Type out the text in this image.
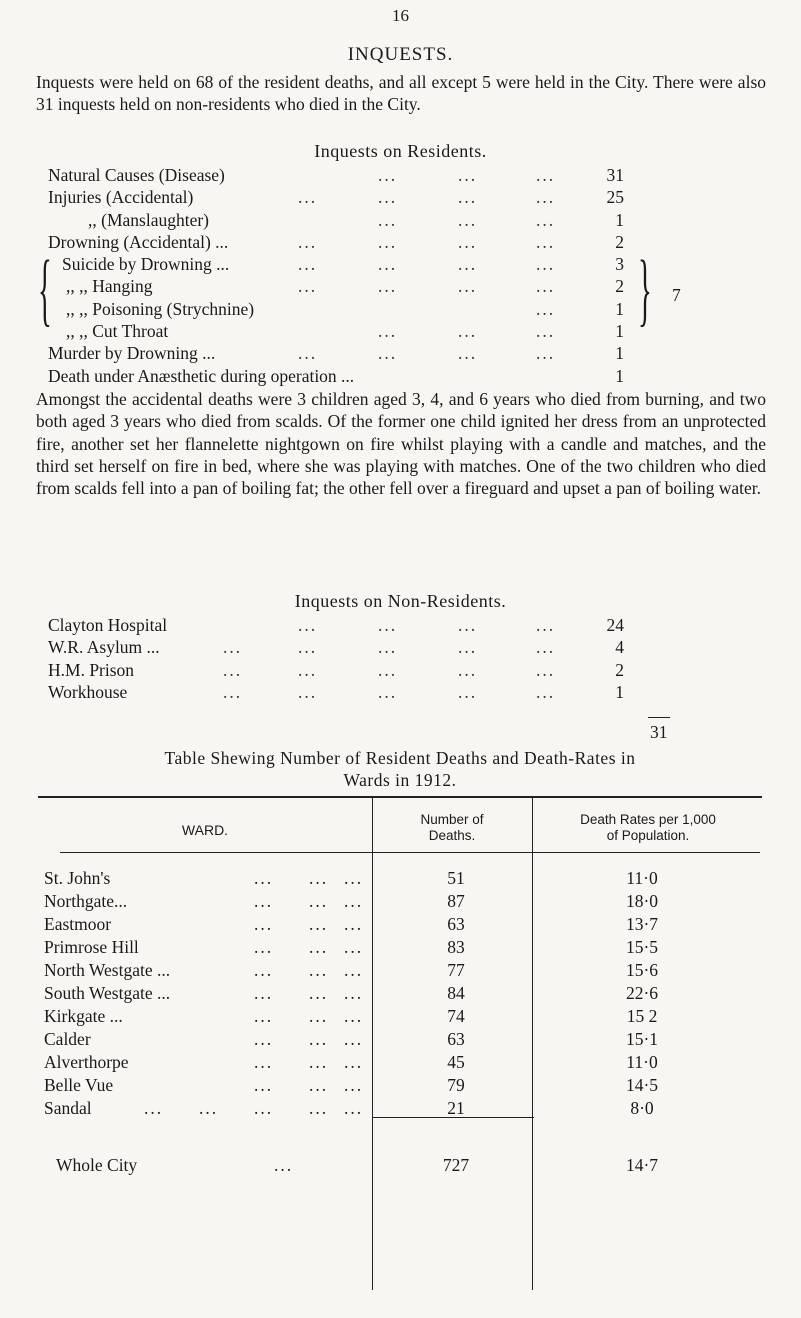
16
INQUESTS.

Inquests were held on 68 of the resident deaths, and all except 5 were held in the City. There were also 31 inquests held on non-residents who died in the City.

Inquests on Residents.
Natural Causes (Disease)	...	...	...	31
Injuries (Accidental)	...	...	...	...	25
,, (Manslaughter)	...	...	...	1
Drowning (Accidental) ...	...	...	...	...	2
Suicide by Drowning ...	...	...	...	...	3
,, ,, Hanging	...	...	...	...	2
,, ,, Poisoning (Strychnine)	...	1
,, ,, Cut Throat	...	...	...	1
Murder by Drowning ...	...	...	...	...	1
Death under Anæsthetic during operation ...	1
{	} 7

Amongst the accidental deaths were 3 children aged 3, 4, and 6 years who died from burning, and two both aged 3 years who died from scalds. Of the former one child ignited her dress from an unprotected fire, another set her flannelette nightgown on fire whilst playing with a candle and matches, and the third set herself on fire in bed, where she was playing with matches. One of the two children who died from scalds fell into a pan of boiling fat; the other fell over a fireguard and upset a pan of boiling water.

Inquests on Non-Residents.
Clayton Hospital	...	...	...	...	24
W.R. Asylum ...	...	...	...	...	...	4
H.M. Prison	...	...	...	...	...	2
Workhouse	...	...	...	...	...	1
31
Table Shewing Number of Resident Deaths and Death-Rates in
Wards in 1912.
WARD.
Number of
Deaths.
Death Rates per 1,000
of Population.
St. John's	... ... ...	51	11·0
Northgate...	... ... ...	87	18·0
Eastmoor	... ... ...	63	13·7
Primrose Hill	... ... ...	83	15·5
North Westgate ...	... ... ...	77	15·6
South Westgate ...	... ... ...	84	22·6
Kirkgate ...	... ... ...	74	15 2
Calder	... ... ...	63	15·1
Alverthorpe	... ... ...	45	11·0
Belle Vue	... ... ...	79	14·5
Sandal	... ... ... ... ...	21	8·0
Whole City	...	727	14·7
